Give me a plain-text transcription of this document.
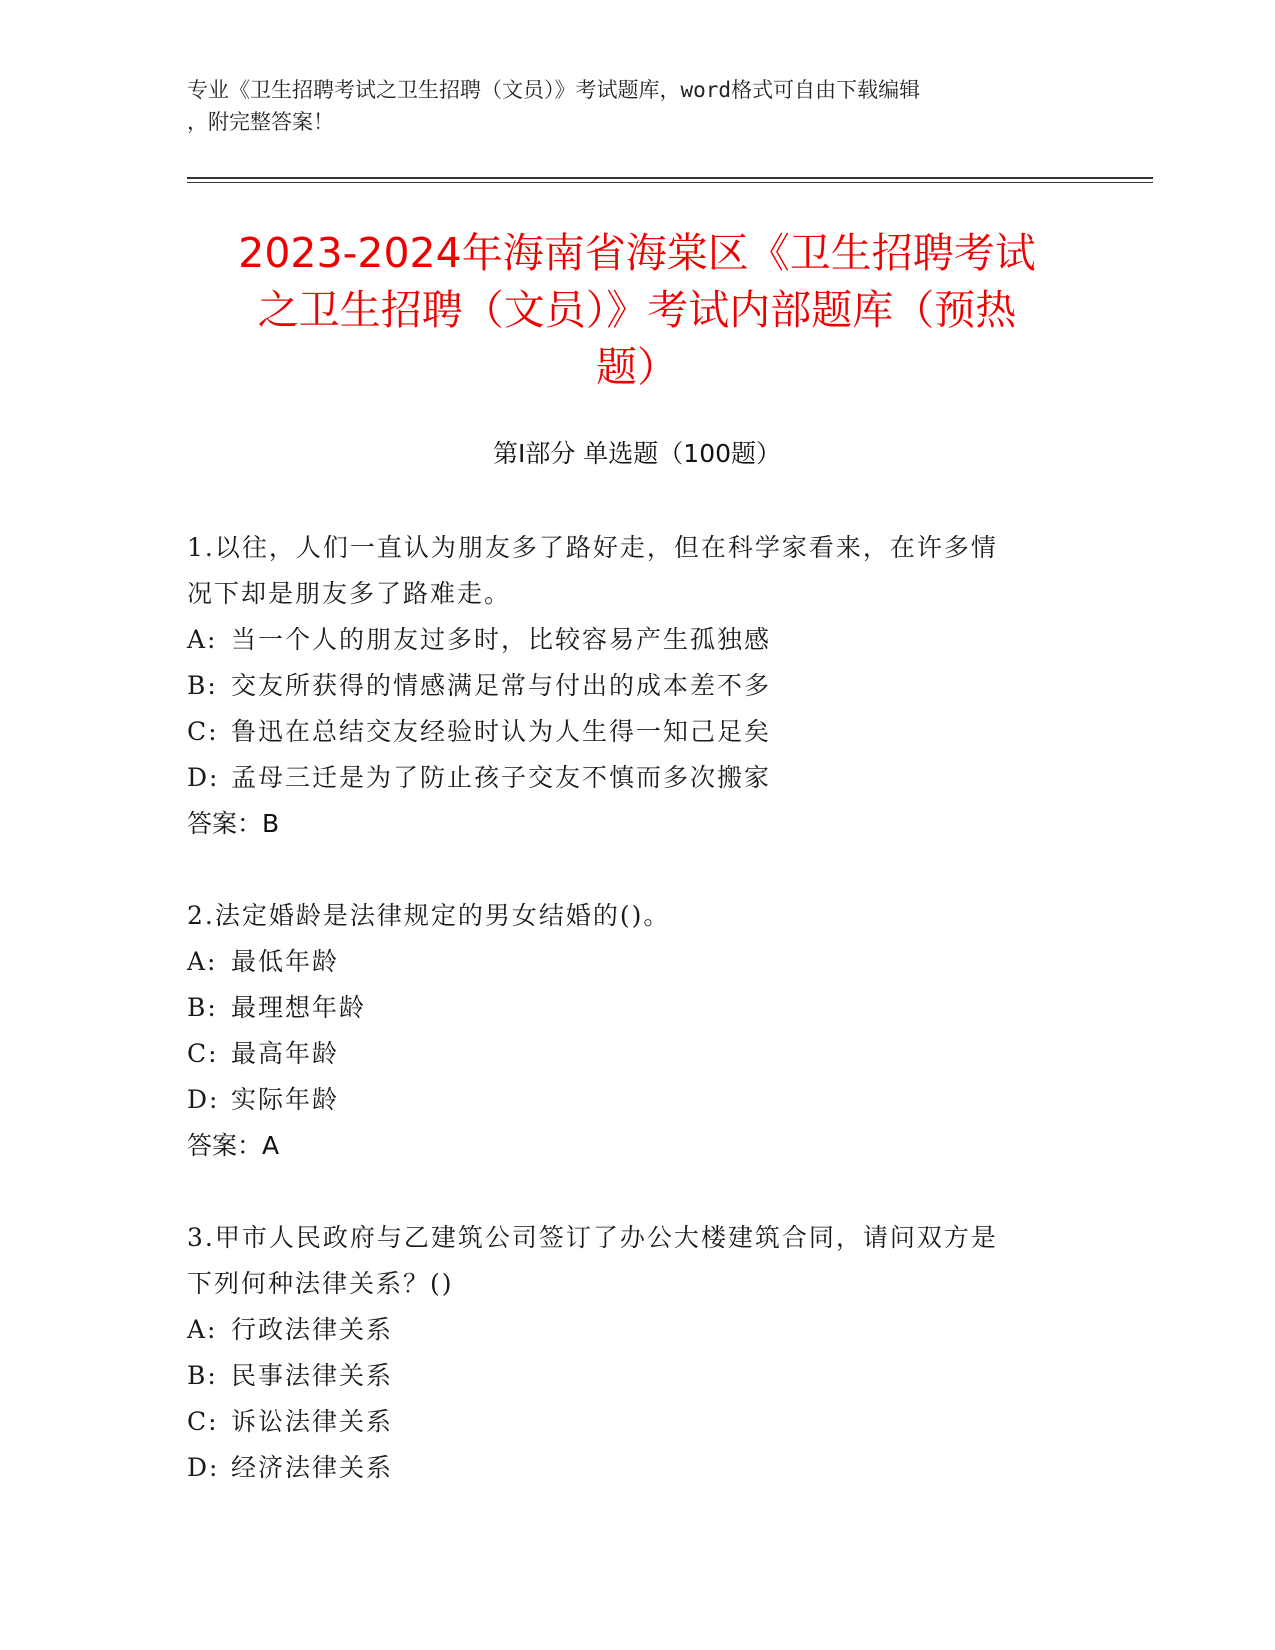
专业《卫生招聘考试之卫生招聘（文员）》考试题库，word格式可自由下载编辑
，附完整答案！
2023-2024年海南省海棠区《卫生招聘考试
之卫生招聘（文员）》考试内部题库（预热
题）
第I部分 单选题（100题）
1.以往，人们一直认为朋友多了路好走，但在科学家看来，在许多情
况下却是朋友多了路难走。
A: 当一个人的朋友过多时，比较容易产生孤独感
B: 交友所获得的情感满足常与付出的成本差不多
C: 鲁迅在总结交友经验时认为人生得一知己足矣
D: 孟母三迁是为了防止孩子交友不慎而多次搬家
答案：B
2.法定婚龄是法律规定的男女结婚的()。
A: 最低年龄
B: 最理想年龄
C: 最高年龄
D: 实际年龄
答案：A
3.甲市人民政府与乙建筑公司签订了办公大楼建筑合同，请问双方是
下列何种法律关系？()
A: 行政法律关系
B: 民事法律关系
C: 诉讼法律关系
D: 经济法律关系
